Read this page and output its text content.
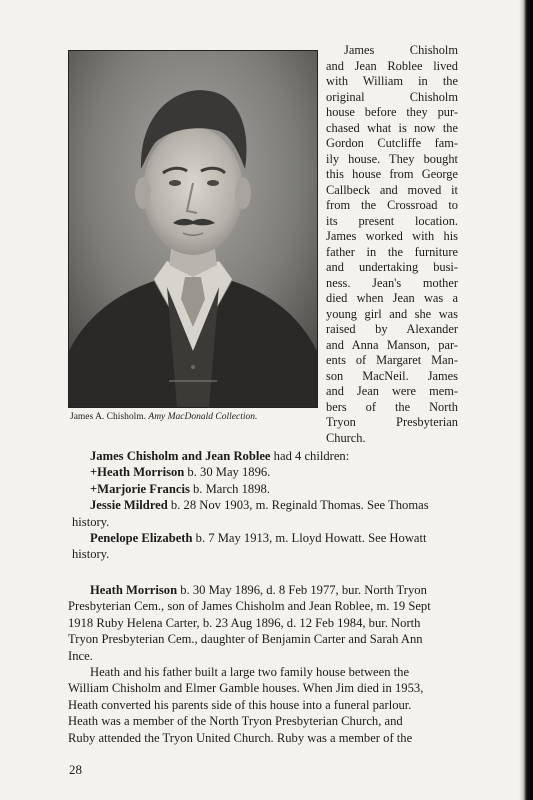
James A. Chisholm. Amy MacDonald Collection.
James Chisholm
and Jean Roblee lived
with William in the
original Chisholm
house before they pur-
chased what is now the
Gordon Cutcliffe fam-
ily house. They bought
this house from George
Callbeck and moved it
from the Crossroad to
its present location.
James worked with his
father in the furniture
and undertaking busi-
ness. Jean's mother
died when Jean was a
young girl and she was
raised by Alexander
and Anna Manson, par-
ents of Margaret Man-
son MacNeil. James
and Jean were mem-
bers of the North
Tryon Presbyterian
Church.
James Chisholm and Jean Roblee had 4 children:
+Heath Morrison b. 30 May 1896.
+Marjorie Francis b. March 1898.
Jessie Mildred b. 28 Nov 1903, m. Reginald Thomas. See Thomas
history.
Penelope Elizabeth b. 7 May 1913, m. Lloyd Howatt. See Howatt
history.
Heath Morrison b. 30 May 1896, d. 8 Feb 1977, bur. North Tryon
Presbyterian Cem., son of James Chisholm and Jean Roblee, m. 19 Sept
1918 Ruby Helena Carter, b. 23 Aug 1896, d. 12 Feb 1984, bur. North
Tryon Presbyterian Cem., daughter of Benjamin Carter and Sarah Ann
Ince.
Heath and his father built a large two family house between the
William Chisholm and Elmer Gamble houses. When Jim died in 1953,
Heath converted his parents side of this house into a funeral parlour.
Heath was a member of the North Tryon Presbyterian Church, and
Ruby attended the Tryon United Church. Ruby was a member of the
28
